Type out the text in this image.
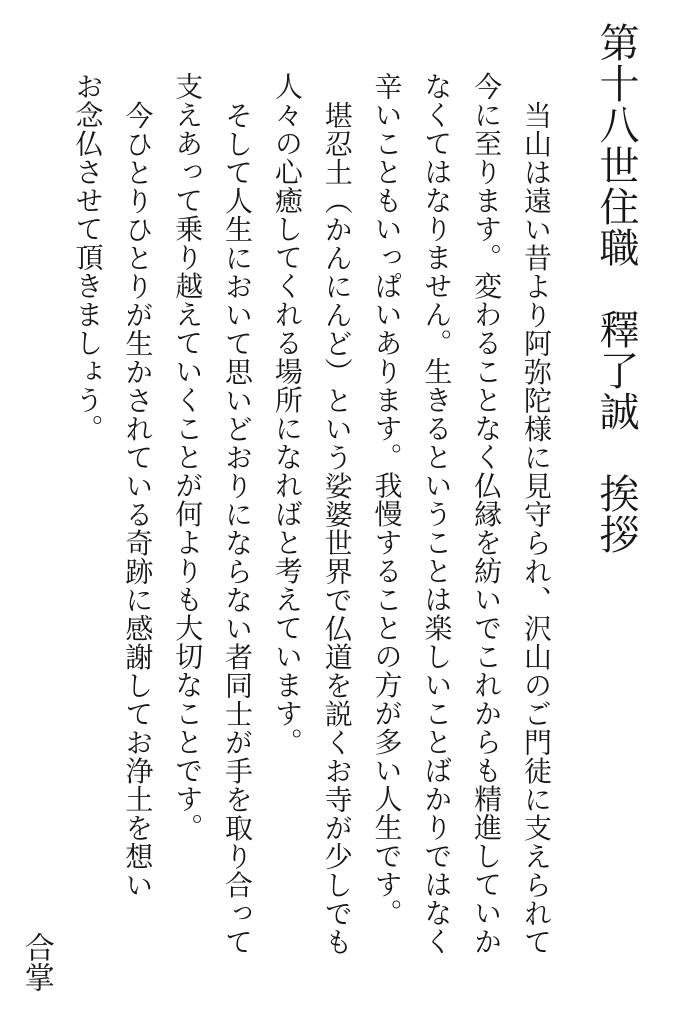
第十八世住職　釋了誠　挨拶
当山は遠い昔より阿弥陀様に見守られ、沢山のご門徒に支えられて
今に至ります。変わることなく仏縁を紡いでこれからも精進していか
なくてはなりません。生きるということは楽しいことばかりではなく
辛いこともいっぱいあります。我慢することの方が多い人生です。
堪忍土（かんにんど）という娑婆世界で仏道を説くお寺が少しでも
人々の心癒してくれる場所になればと考えています。
そして人生において思いどおりにならない者同士が手を取り合って
支えあって乗り越えていくことが何よりも大切なことです。
今ひとりひとりが生かされている奇跡に感謝してお浄土を想い
お念仏させて頂きましょう。
合掌
